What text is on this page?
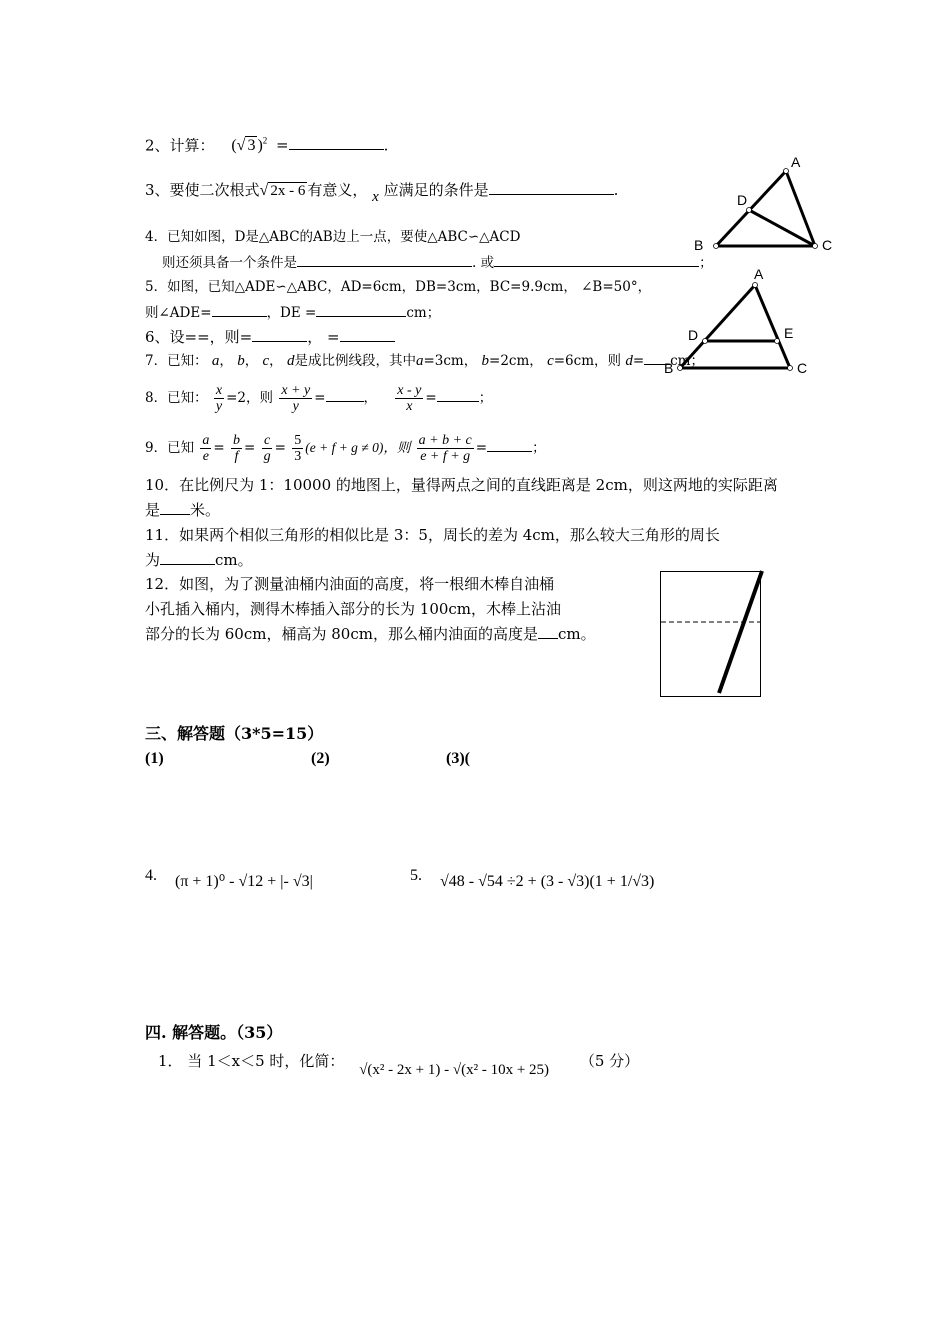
2、计算： (√ 3 )$^2$ =	.
3、要使二次根式√ 2x - 6 有意义， x 应满足的条件是	.
A
D
B	C
4．已知如图，D是△ABC的AB边上一点，要使△ABC∽△ACD
则还须具备一个条件是	. 或	；
5．如图，已知△ADE∽△ABC，AD=6cm，DB=3cm，BC=9.9cm， ∠B=50°，
则∠ADE=	，DE =	cm；
A
D	E
B	C
6、设==，则=	， =
7．已知： a， b， c， d是成比例线段，其中a=3cm， b=2cm， c=6cm，则 d= cm；
8．已知： $\frac{x}{y} =2$，则 $\frac{x + y}{y}$ =	， $\frac{x - y}{x}$ =	；
9．已知 $\frac{a}{e} = \frac{b}{f} = \frac{c}{g} = \frac{5}{3} (e + f + g \ne 0)$，则 $\frac{a + b + c}{e + f + g}$ =	；
10．在比例尺为 1：10000 的地图上，量得两点之间的直线距离是 2cm，则这两地的实际距离
是 米。
11．如果两个相似三角形的相似比是 3：5，周长的差为 4cm，那么较大三角形的周长
为	cm。
12．如图，为了测量油桶内油面的高度，将一根细木棒自油桶
小孔插入桶内，测得木棒插入部分的长为 100cm，木棒上沾油
部分的长为 60cm，桶高为 80cm，那么桶内油面的高度是 cm。
三、解答题（3*5=15）
(1)	(2)	(3)(
4. (π + 1)⁰ - √12 + |- √3|	5. √48 - √54 ÷2 + (3 - √3)(1 + 1/√3)
四. 解答题。（35）
1． 当 1＜x＜5 时，化简： √(x² - 2x + 1) - √(x² - 10x + 25) （5 分）
